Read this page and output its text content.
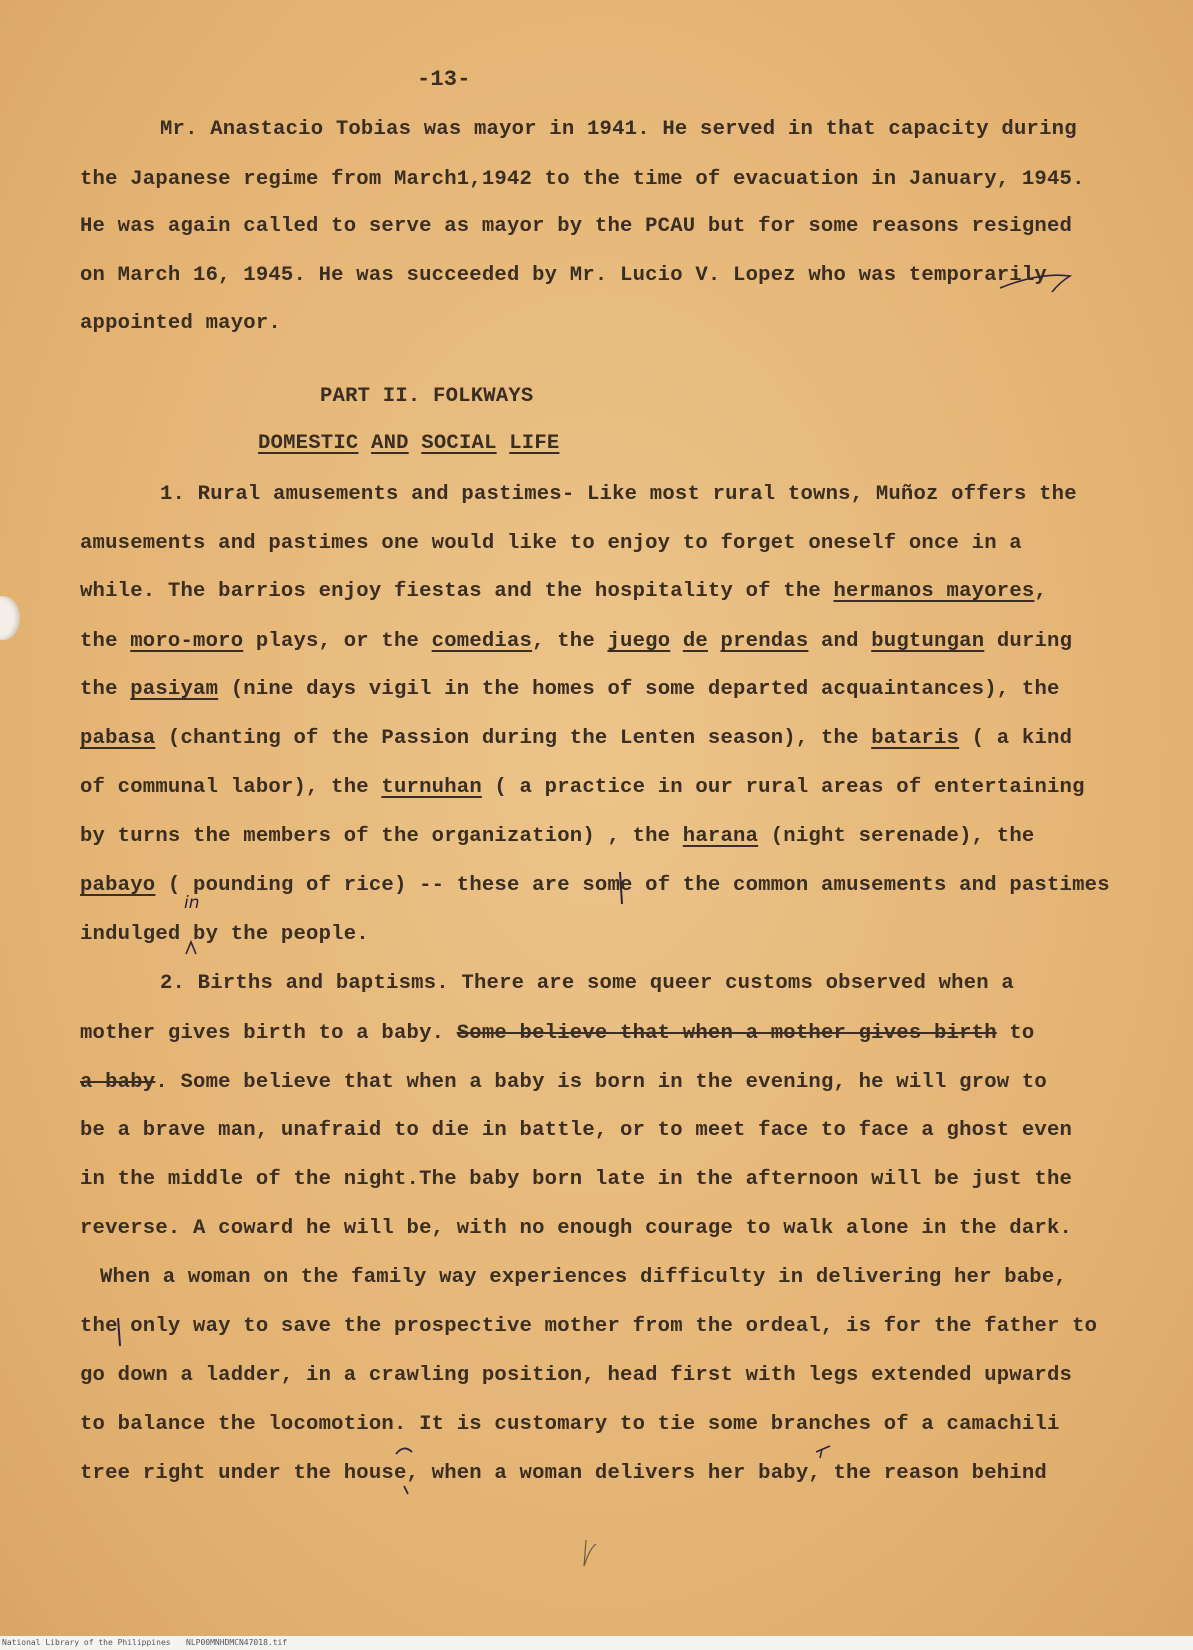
-13-
Mr. Anastacio Tobias was mayor in 1941. He served in that capacity during
the Japanese regime from March1,1942 to the time of evacuation in January, 1945.
He was again called to serve as mayor by the PCAU but for some reasons resigned
on March 16, 1945. He was succeeded by Mr. Lucio V. Lopez who was temporarily
appointed mayor.
PART II. FOLKWAYS
DOMESTIC AND SOCIAL LIFE
1. Rural amusements and pastimes- Like most rural towns, Muñoz offers the
amusements and pastimes one would like to enjoy to forget oneself once in a
while. The barrios enjoy fiestas and the hospitality of the hermanos mayores,
the moro-moro plays, or the comedias, the juego de prendas and bugtungan during
the pasiyam (nine days vigil in the homes of some departed acquaintances), the
pabasa (chanting of the Passion during the Lenten season), the bataris ( a kind
of communal labor), the turnuhan ( a practice in our rural areas of entertaining
by turns the members of the organization) , the harana (night serenade), the
pabayo ( pounding of rice) -- these are some of the common amusements and pastimes
indulged by the people.
in
2. Births and baptisms. There are some queer customs observed when a
mother gives birth to a baby. Some believe that when a mother gives birth to
a baby. Some believe that when a baby is born in the evening, he will grow to
be a brave man, unafraid to die in battle, or to meet face to face a ghost even
in the middle of the night.The baby born late in the afternoon will be just the
reverse. A coward he will be, with no enough courage to walk alone in the dark.
When a woman on the family way experiences difficulty in delivering her babe,
the only way to save the prospective mother from the ordeal, is for the father to
go down a ladder, in a crawling position, head first with legs extended upwards
to balance the locomotion. It is customary to tie some branches of a camachili
tree right under the house, when a woman delivers her baby, the reason behind
National Library of the Philippines NLP00MNHDMCN47018.tif
